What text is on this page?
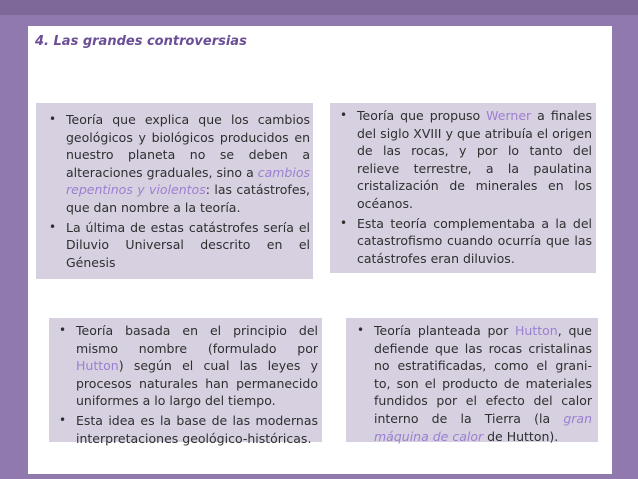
4. Las grandes controversias

CATASTROFISMO:
• Teoría que explica que los cambios geológicos y biológicos producidos en nuestro planeta no se deben a alteraciones graduales, sino a cambios repentinos y violentos: las catástrofes, que dan nombre a la teoría.
• La última de estas catástrofes sería el Diluvio Universal descrito en el Génesis
NEPTUNISMO:
• Teoría que propuso Werner a finales del siglo XVIII y que atribuía el origen de las rocas, y por lo tanto del relieve terrestre, a la paulatina cristalización de minerales en los océanos.
• Esta teoría complementaba a la del catastrofismo cuando ocurría que las catástrofes eran diluvios.
UNIFORMISMO:
• Teoría basada en el principio del mismo nombre (formulado por Hutton) según el cual las leyes y procesos naturales han permanecido uniformes a lo largo del tiempo.
• Esta idea es la base de las modernas interpretaciones geológico-históricas.
PLUTONISMO (VULCANISMO):
• Teoría planteada por Hutton, que defiende que las rocas cristalinas no estratificadas, como el grani-to, son el producto de materiales fundidos por el efecto del calor interno de la Tierra (la gran máquina de calor de Hutton).
